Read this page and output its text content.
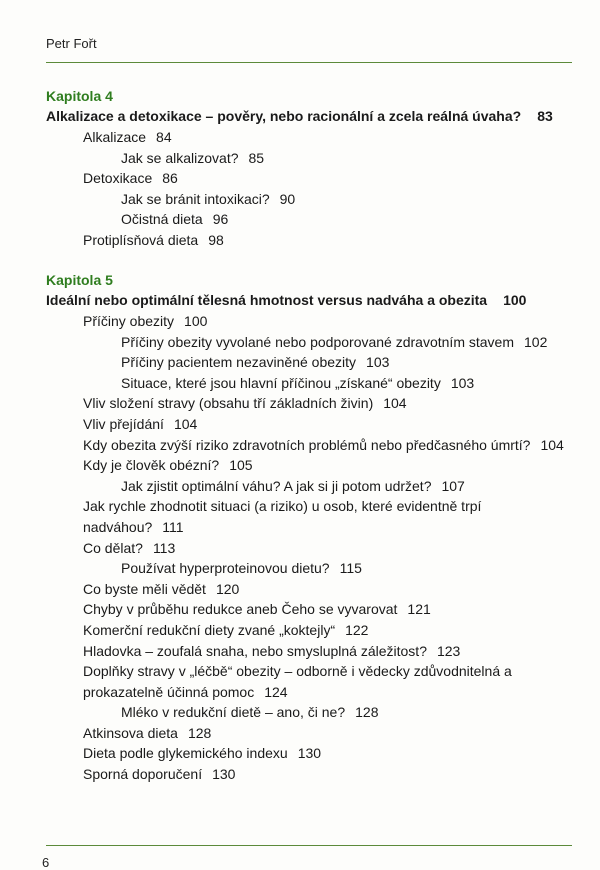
Petr Fořt
Kapitola 4
Alkalizace a detoxikace – pověry, nebo racionální a zcela reálná úvaha? 83
Alkalizace 84
Jak se alkalizovat? 85
Detoxikace 86
Jak se bránit intoxikaci? 90
Očistná dieta 96
Protiplísňová dieta 98
Kapitola 5
Ideální nebo optimální tělesná hmotnost versus nadváha a obezita 100
Příčiny obezity 100
Příčiny obezity vyvolané nebo podporované zdravotním stavem 102
Příčiny pacientem nezaviněné obezity 103
Situace, které jsou hlavní příčinou „získané“ obezity 103
Vliv složení stravy (obsahu tří základních živin) 104
Vliv přejídání 104
Kdy obezita zvýší riziko zdravotních problémů nebo předčasného úmrtí? 104
Kdy je člověk obézní? 105
Jak zjistit optimální váhu? A jak si ji potom udržet? 107
Jak rychle zhodnotit situaci (a riziko) u osob, které evidentně trpí nadváhou? 111
Co dělat? 113
Používat hyperproteinovou dietu? 115
Co byste měli vědět 120
Chyby v průběhu redukce aneb Čeho se vyvarovat 121
Komerční redukční diety zvané „koktejly“ 122
Hladovka – zoufalá snaha, nebo smysluplná záležitost? 123
Doplňky stravy v „léčbě“ obezity – odborně i vědecky zdůvodnitelná a prokazatelně účinná pomoc 124
Mléko v redukční dietě – ano, či ne? 128
Atkinsova dieta 128
Dieta podle glykemického indexu 130
Sporná doporučení 130
6
